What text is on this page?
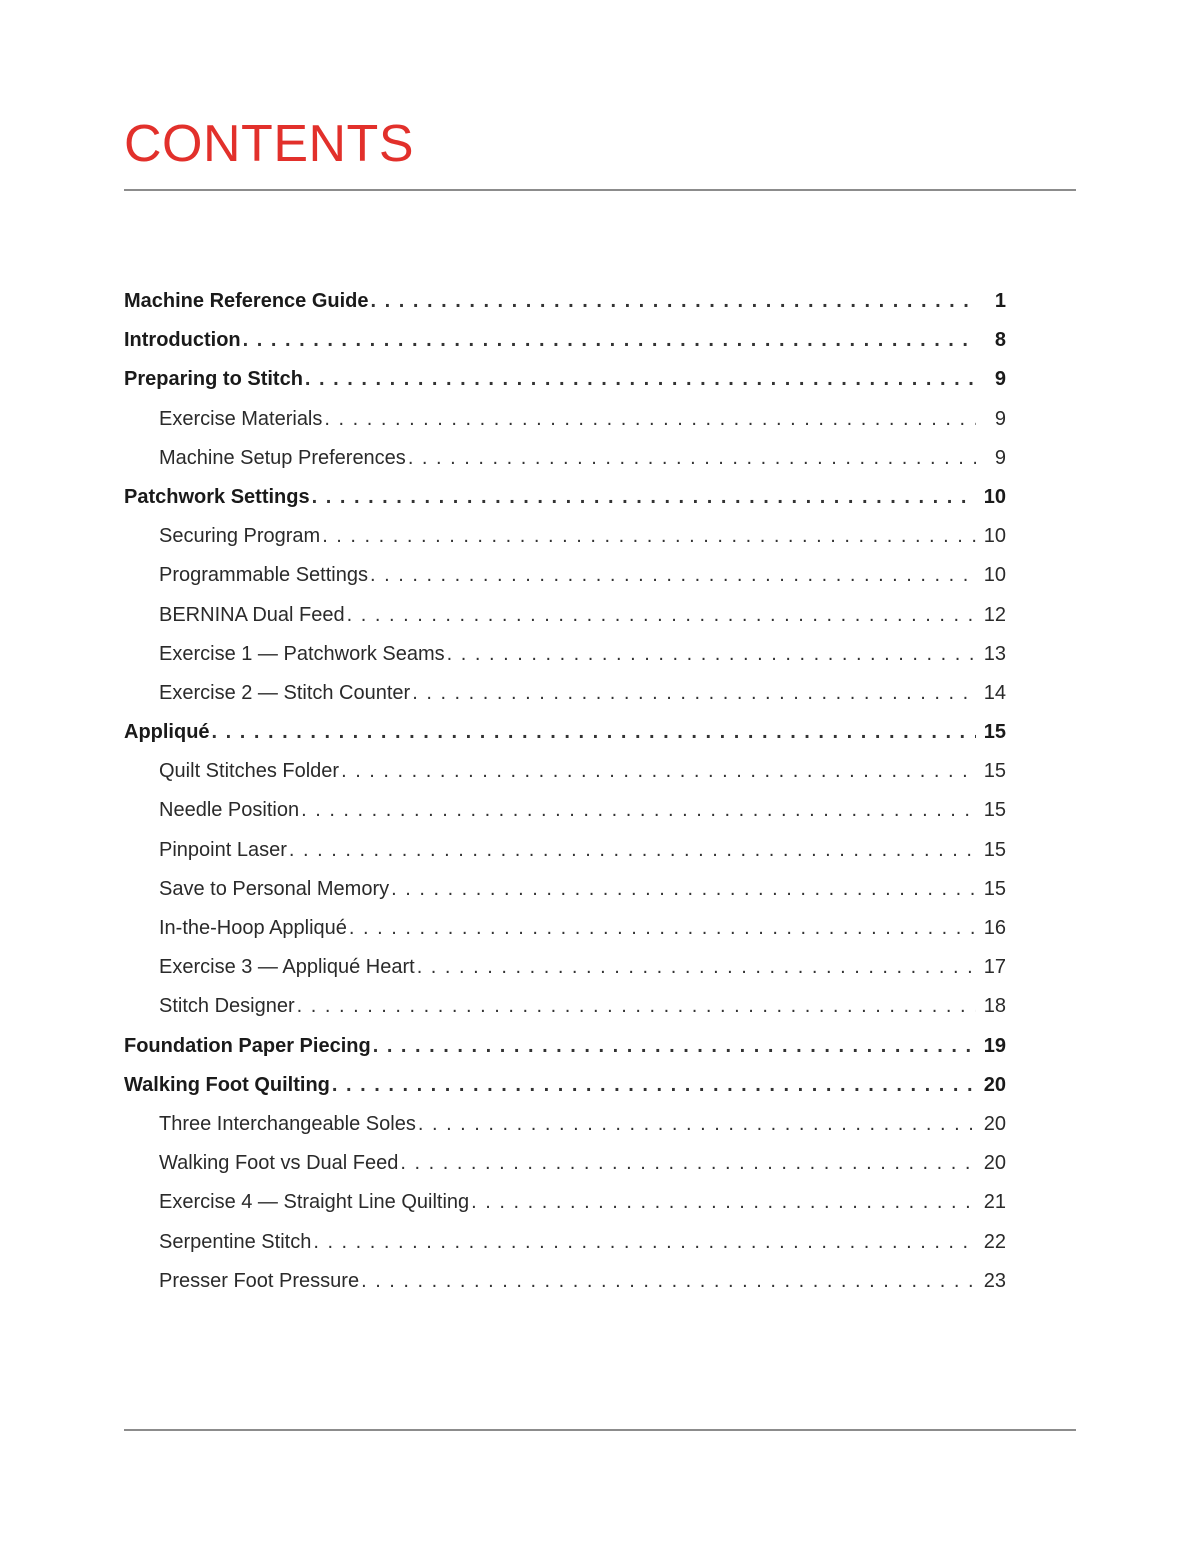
CONTENTS
Machine Reference Guide . . .	1
Introduction . . .	8
Preparing to Stitch . . .	9
Exercise Materials . . .	9
Machine Setup Preferences . . .	9
Patchwork Settings . . .	10
Securing Program . . .	10
Programmable Settings . . .	10
BERNINA Dual Feed . . .	12
Exercise 1 — Patchwork Seams . . .	13
Exercise 2 — Stitch Counter . . .	14
Appliqué . . .	15
Quilt Stitches Folder . . .	15
Needle Position . . .	15
Pinpoint Laser . . .	15
Save to Personal Memory . . .	15
In-the-Hoop Appliqué . . .	16
Exercise 3 — Appliqué Heart . . .	17
Stitch Designer . . .	18
Foundation Paper Piecing . . .	19
Walking Foot Quilting . . .	20
Three Interchangeable Soles . . .	20
Walking Foot vs Dual Feed . . .	20
Exercise 4 — Straight Line Quilting . . .	21
Serpentine Stitch . . .	22
Presser Foot Pressure . . .	23
